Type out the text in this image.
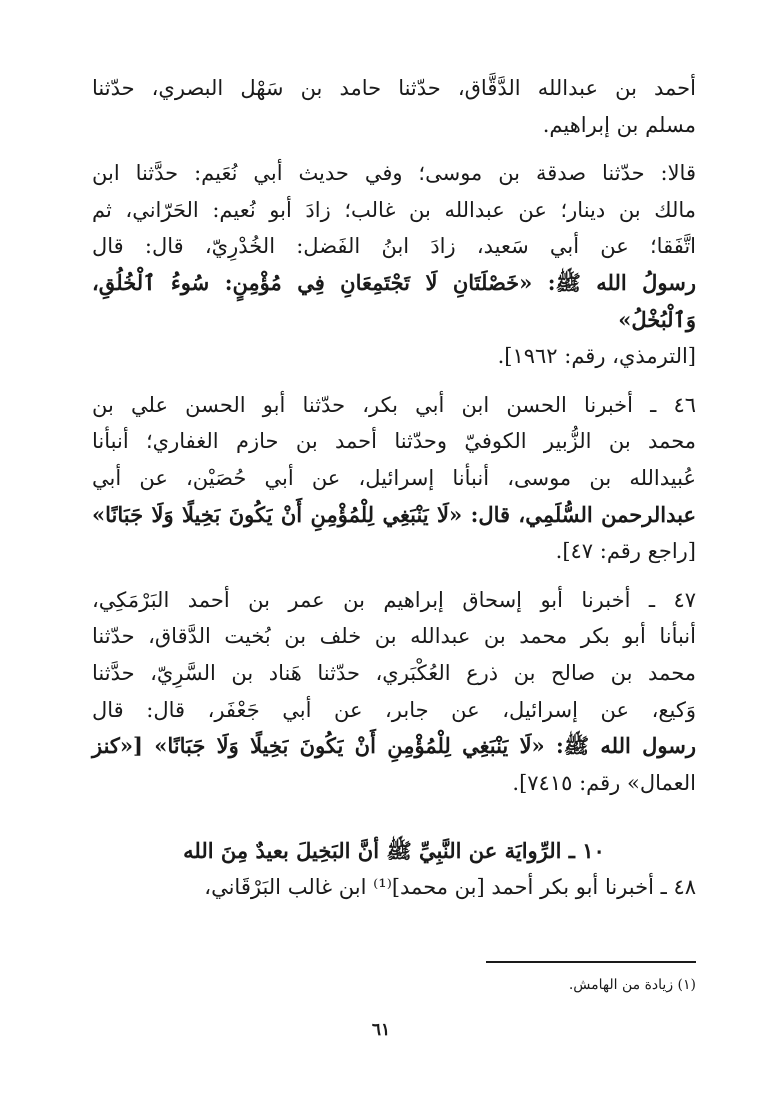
أحمد بن عبدالله الدَّقَّاق، حدّثنا حامد بن سَهْل البصري، حدّثنا

مسلم بن إبراهيم.

قالا: حدّثنا صدقة بن موسى؛ وفي حديث أبي نُعَيم: حدَّثنا ابن

مالك بن دينار؛ عن عبدالله بن غالب؛ زادَ أبو نُعيم: الحَرّاني، ثم

اتَّفَقا؛ عن أبي سَعيد، زادَ ابنُ الفَضل: الخُدْرِيّ، قال: قال

رسولُ الله ﷺ: «خَصْلَتَانِ لَا تَجْتَمِعَانِ فِي مُؤْمِنٍ: سُوءُ ٱلْخُلُقِ، وَٱلْبُخْلُ»

[الترمذي، رقم: ١٩٦٢].

٤٦ ـ أخبرنا الحسن ابن أبي بكر، حدّثنا أبو الحسن علي بن

محمد بن الزُّبير الكوفيّ وحدّثنا أحمد بن حازم الغفاري؛ أنبأنا

عُبيدالله بن موسى، أنبأنا إسرائيل، عن أبي حُصَيْن، عن أبي

عبدالرحمن السُّلَمِي، قال: «لَا يَنْبَغِي لِلْمُؤْمِنِ أَنْ يَكُونَ بَخِيلًا وَلَا جَبَانًا»

[راجع رقم: ٤٧].

٤٧ ـ أخبرنا أبو إسحاق إبراهيم بن عمر بن أحمد البَرْمَكِي،

أنبأنا أبو بكر محمد بن عبدالله بن خلف بن بُخيت الدَّقاق، حدّثنا

محمد بن صالح بن ذرع العُكْبَري، حدّثنا هَناد بن السَّرِيّ، حدَّثنا

وَكيع، عن إسرائيل، عن جابر، عن أبي جَعْفَر، قال: قال

رسول الله ﷺ: «لَا يَنْبَغِي لِلْمُؤْمِنِ أَنْ يَكُونَ بَخِيلًا وَلَا جَبَانًا» [«كنز

العمال» رقم: ٧٤١٥].

١٠ ـ الرِّوايَة عن النَّبِيِّ ﷺ أنَّ البَخِيلَ بعيدٌ مِنَ الله

٤٨ ـ أخبرنا أبو بكر أحمد [بن محمد]⁽¹⁾ ابن غالب البَرْقَاني،

(١) زيادة من الهامش.
٦١
